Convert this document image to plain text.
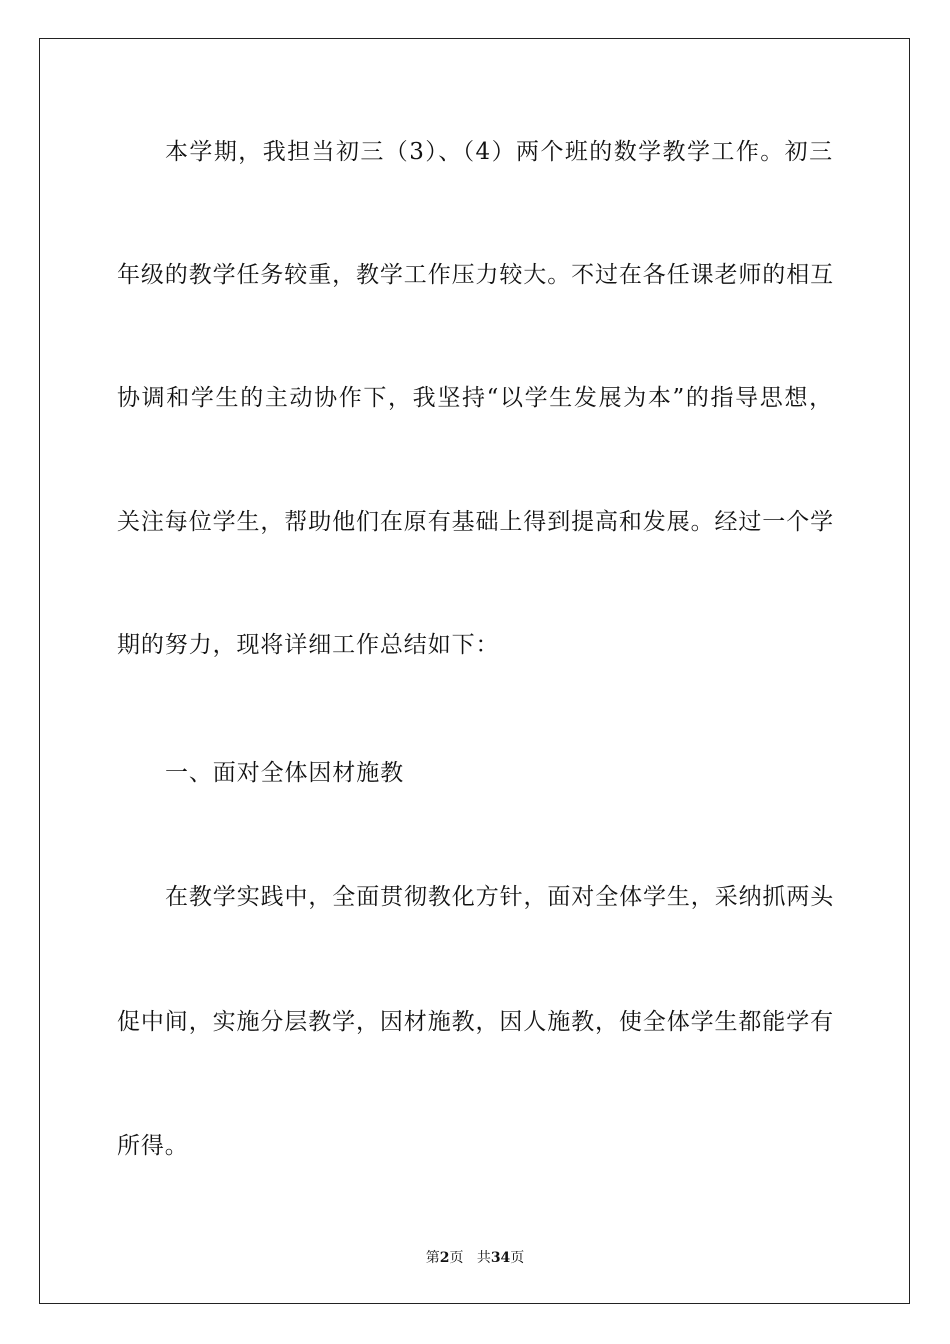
本学期，我担当初三（3）、（4）两个班的数学教学工作。初三
年级的教学任务较重，教学工作压力较大。不过在各任课老师的相互
协调和学生的主动协作下，我坚持“以学生发展为本”的指导思想，
关注每位学生，帮助他们在原有基础上得到提高和发展。经过一个学
期的努力，现将详细工作总结如下：
一、面对全体因材施教
在教学实践中，全面贯彻教化方针，面对全体学生，采纳抓两头
促中间，实施分层教学，因材施教，因人施教，使全体学生都能学有
所得。
第2页 共34页
